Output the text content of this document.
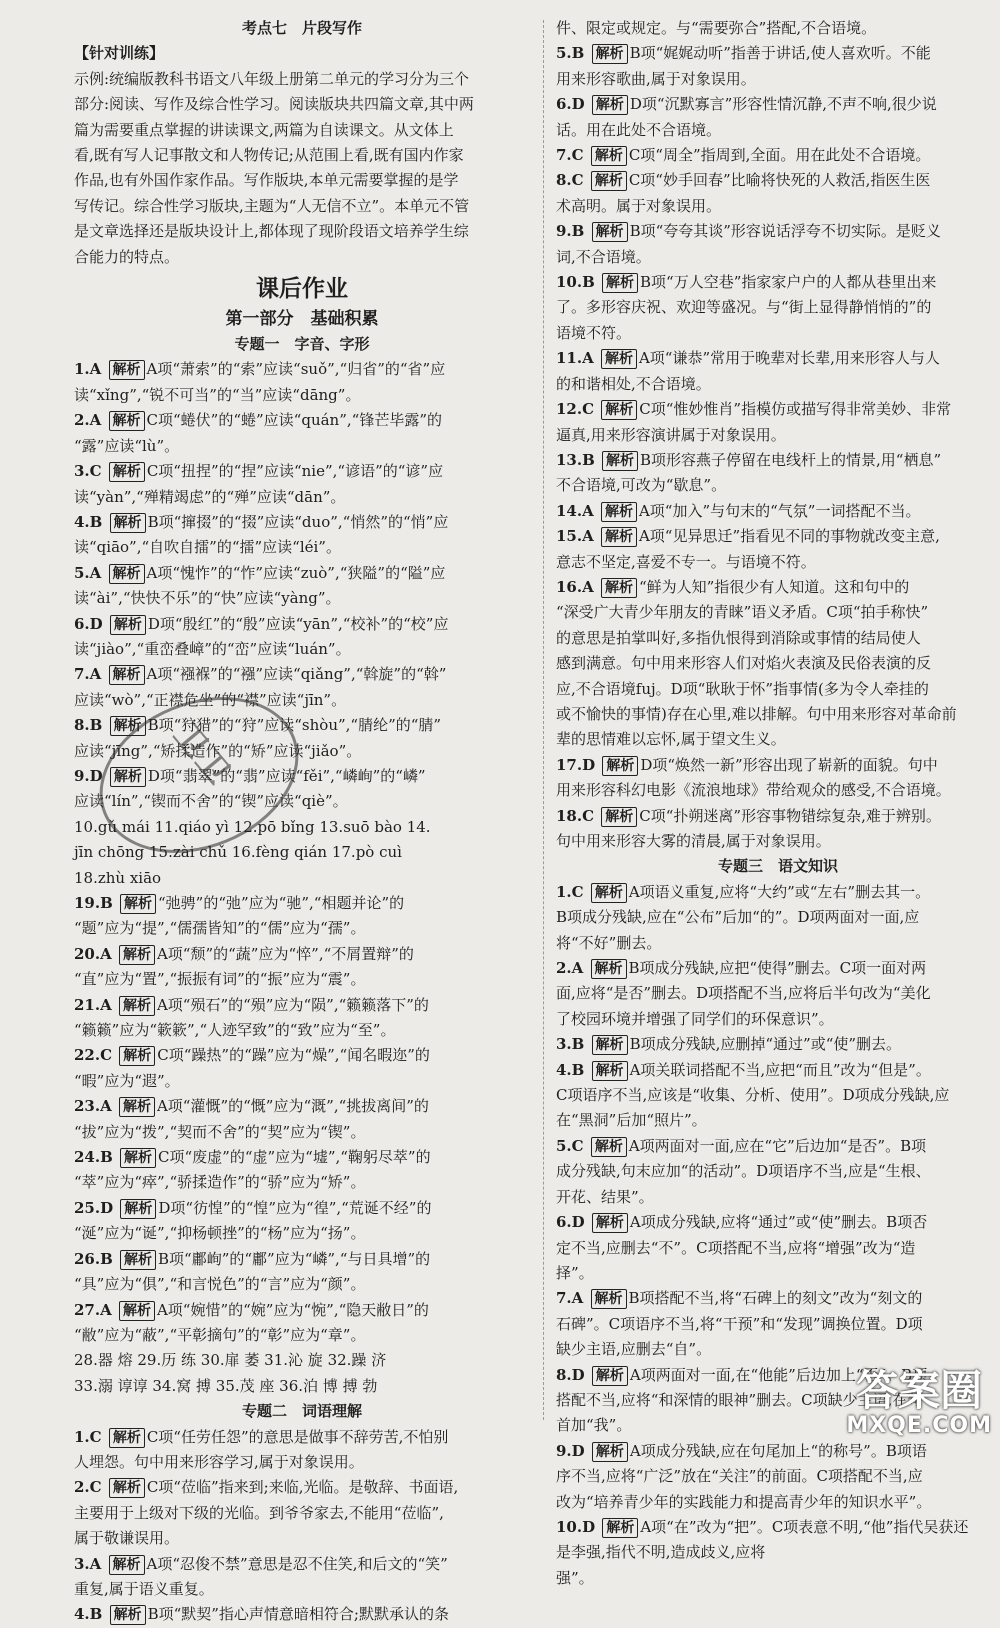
考点七　片段写作
【针对训练】
示例:统编版教科书语文八年级上册第二单元的学习分为三个
部分:阅读、写作及综合性学习。阅读版块共四篇文章,其中两
篇为需要重点掌握的讲读课文,两篇为自读课文。从文体上
看,既有写人记事散文和人物传记;从范围上看,既有国内作家
作品,也有外国作家作品。写作版块,本单元需要掌握的是学
写传记。综合性学习版块,主题为“人无信不立”。本单元不管
是文章选择还是版块设计上,都体现了现阶段语文培养学生综
合能力的特点。
课后作业
第一部分　基础积累
专题一　字音、字形
1.A 解析 A项“萧索”的“索”应读“suǒ”,“归省”的“省”应
读“xǐng”,“锐不可当”的“当”应读“dāng”。
2.A 解析 C项“蜷伏”的“蜷”应读“quán”,“锋芒毕露”的
“露”应读“lù”。
3.C 解析 C项“扭捏”的“捏”应读“nie”,“谚语”的“谚”应
读“yàn”,“殚精竭虑”的“殚”应读“dān”。
4.B 解析 B项“撺掇”的“掇”应读“duo”,“悄然”的“悄”应
读“qiāo”,“自吹自擂”的“擂”应读“léi”。
5.A 解析 A项“愧怍”的“怍”应读“zuò”,“狭隘”的“隘”应
读“ài”,“快快不乐”的“快”应读“yàng”。
6.D 解析 D项“殷红”的“殷”应读“yān”,“校补”的“校”应
读“jiào”,“重峦叠嶂”的“峦”应读“luán”。
7.A 解析 A项“襁褓”的“襁”应读“qiǎng”,“斡旋”的“斡”
应读“wò”,“正襟危坐”的“襟”应读“jīn”。
8.B 解析 B项“狩猎”的“狩”应读“shòu”,“腈纶”的“腈”
应读“jīng”,“矫揉造作”的“矫”应读“jiǎo”。
9.D 解析 D项“翡翠”的“翡”应读“fěi”,“嶙峋”的“嶙”
应读“lín”,“锲而不舍”的“锲”应读“qiè”。
10.gǔ mái 11.qiáo yì 12.pō bǐng 13.suō bào 14.
jīn chōng 15.zài chǔ 16.fèng qián 17.pò cuì
18.zhù xiāo
19.B 解析 “弛骋”的“弛”应为“驰”,“相题并论”的
“题”应为“提”,“儒孺皆知”的“儒”应为“孺”。
20.A 解析 A项“颓”的“蔬”应为“悴”,“不屑置辩”的
“直”应为“置”,“振振有词”的“振”应为“震”。
21.A 解析 A项“殒石”的“殒”应为“陨”,“籁籁落下”的
“籁籁”应为“簌簌”,“人迹罕致”的“致”应为“至”。
22.C 解析 C项“躁热”的“躁”应为“燥”,“闻名暇迩”的
“暇”应为“遐”。
23.A 解析 A项“灌慨”的“慨”应为“溉”,“挑拔离间”的
“拔”应为“拨”,“契而不舍”的“契”应为“锲”。
24.B 解析 C项“废虚”的“虚”应为“墟”,“鞠躬尽萃”的
“萃”应为“瘁”,“骄揉造作”的“骄”应为“矫”。
25.D 解析 D项“彷惶”的“惶”应为“徨”,“荒诞不经”的
“涎”应为“诞”,“抑杨顿挫”的“杨”应为“扬”。
26.B 解析 B项“鄘峋”的“鄘”应为“嶙”,“与日具增”的
“具”应为“俱”,“和言悦色”的“言”应为“颜”。
27.A 解析 A项“婉惜”的“婉”应为“惋”,“隐天敝日”的
“敝”应为“蔽”,“平彰摘句”的“彰”应为“章”。
28.器 熔 29.历 练 30.扉 萎 31.沁 旋 32.躁 济
33.溺 谆谆 34.窝 搏 35.茂 座 36.泊 博 搏 勃
专题二　词语理解
1.C 解析 C项“任劳任怨”的意思是做事不辞劳苦,不怕别
人埋怨。句中用来形容学习,属于对象误用。
2.C 解析 C项“莅临”指来到;来临,光临。是敬辞、书面语,
主要用于上级对下级的光临。到爷爷家去,不能用“莅临”,
属于敬谦误用。
3.A 解析 A项“忍俊不禁”意思是忍不住笑,和后文的“笑”
重复,属于语义重复。
4.B 解析 B项“默契”指心声情意暗相符合;默默承认的条
件、限定或规定。与“需要弥合”搭配,不合语境。
5.B 解析 B项“娓娓动听”指善于讲话,使人喜欢听。不能
用来形容歌曲,属于对象误用。
6.D 解析 D项“沉默寡言”形容性情沉静,不声不响,很少说
话。用在此处不合语境。
7.C 解析 C项“周全”指周到,全面。用在此处不合语境。
8.C 解析 C项“妙手回春”比喻将快死的人救活,指医生医
术高明。属于对象误用。
9.B 解析 B项“夸夸其谈”形容说话浮夸不切实际。是贬义
词,不合语境。
10.B 解析 B项“万人空巷”指家家户户的人都从巷里出来
了。多形容庆祝、欢迎等盛况。与“街上显得静悄悄的”的
语境不符。
11.A 解析 A项“谦恭”常用于晚辈对长辈,用来形容人与人
的和谐相处,不合语境。
12.C 解析 C项“惟妙惟肖”指模仿或描写得非常美妙、非常
逼真,用来形容演讲属于对象误用。
13.B 解析 B项形容燕子停留在电线杆上的情景,用“栖息”
不合语境,可改为“歇息”。
14.A 解析 A项“加入”与句末的“气氛”一词搭配不当。
15.A 解析 A项“见异思迁”指看见不同的事物就改变主意,
意志不坚定,喜爱不专一。与语境不符。
16.A 解析 “鲜为人知”指很少有人知道。这和句中的
“深受广大青少年朋友的青睐”语义矛盾。C项“拍手称快”
的意思是拍掌叫好,多指仇恨得到消除或事情的结局使人
感到满意。句中用来形容人们对焰火表演及民俗表演的反
应,不合语境fuj。D项“耿耿于怀”指事情(多为令人牵挂的
或不愉快的事情)存在心里,难以排解。句中用来形容对革命前
辈的思情难以忘怀,属于望文生义。
17.D 解析 D项“焕然一新”形容出现了崭新的面貌。句中
用来形容科幻电影《流浪地球》带给观众的感受,不合语境。
18.C 解析 C项“扑朔迷离”形容事物错综复杂,难于辨别。
句中用来形容大雾的清晨,属于对象误用。
专题三　语文知识
1.C 解析 A项语义重复,应将“大约”或“左右”删去其一。
B项成分残缺,应在“公布”后加“的”。D项两面对一面,应
将“不好”删去。
2.A 解析 B项成分残缺,应把“使得”删去。C项一面对两
面,应将“是否”删去。D项搭配不当,应将后半句改为“美化
了校园环境并增强了同学们的环保意识”。
3.B 解析 B项成分残缺,应删掉“通过”或“使”删去。
4.B 解析 A项关联词搭配不当,应把“而且”改为“但是”。
C项语序不当,应该是“收集、分析、使用”。D项成分残缺,应
在“黑洞”后加“照片”。
5.C 解析 A项两面对一面,应在“它”后边加“是否”。B项
成分残缺,句末应加“的活动”。D项语序不当,应是“生根、
开花、结果”。
6.D 解析 A项成分残缺,应将“通过”或“使”删去。B项否
定不当,应删去“不”。C项搭配不当,应将“增强”改为“造
择”。
7.A 解析 B项搭配不当,将“石碑上的刻文”改为“刻文的
石碑”。C项语序不当,将“干预”和“发现”调换位置。D项
缺少主语,应删去“自”。
8.D 解析 A项两面对一面,在“他能”后边加上“否”。B项
搭配不当,应将“和深情的眼神”删去。C项缺少主语,在句
首加“我”。
9.D 解析 A项成分残缺,应在句尾加上“的称号”。B项语
序不当,应将“广泛”放在“关注”的前面。C项搭配不当,应
改为“培养青少年的实践能力和提高青少年的知识水平”。
10.D 解析 A项“在”改为“把”。C项表意不明,“他”指代吴获还
是李强,指代不明,造成歧义,应将
强”。
卫卫
答案圈
MXQE.COM
